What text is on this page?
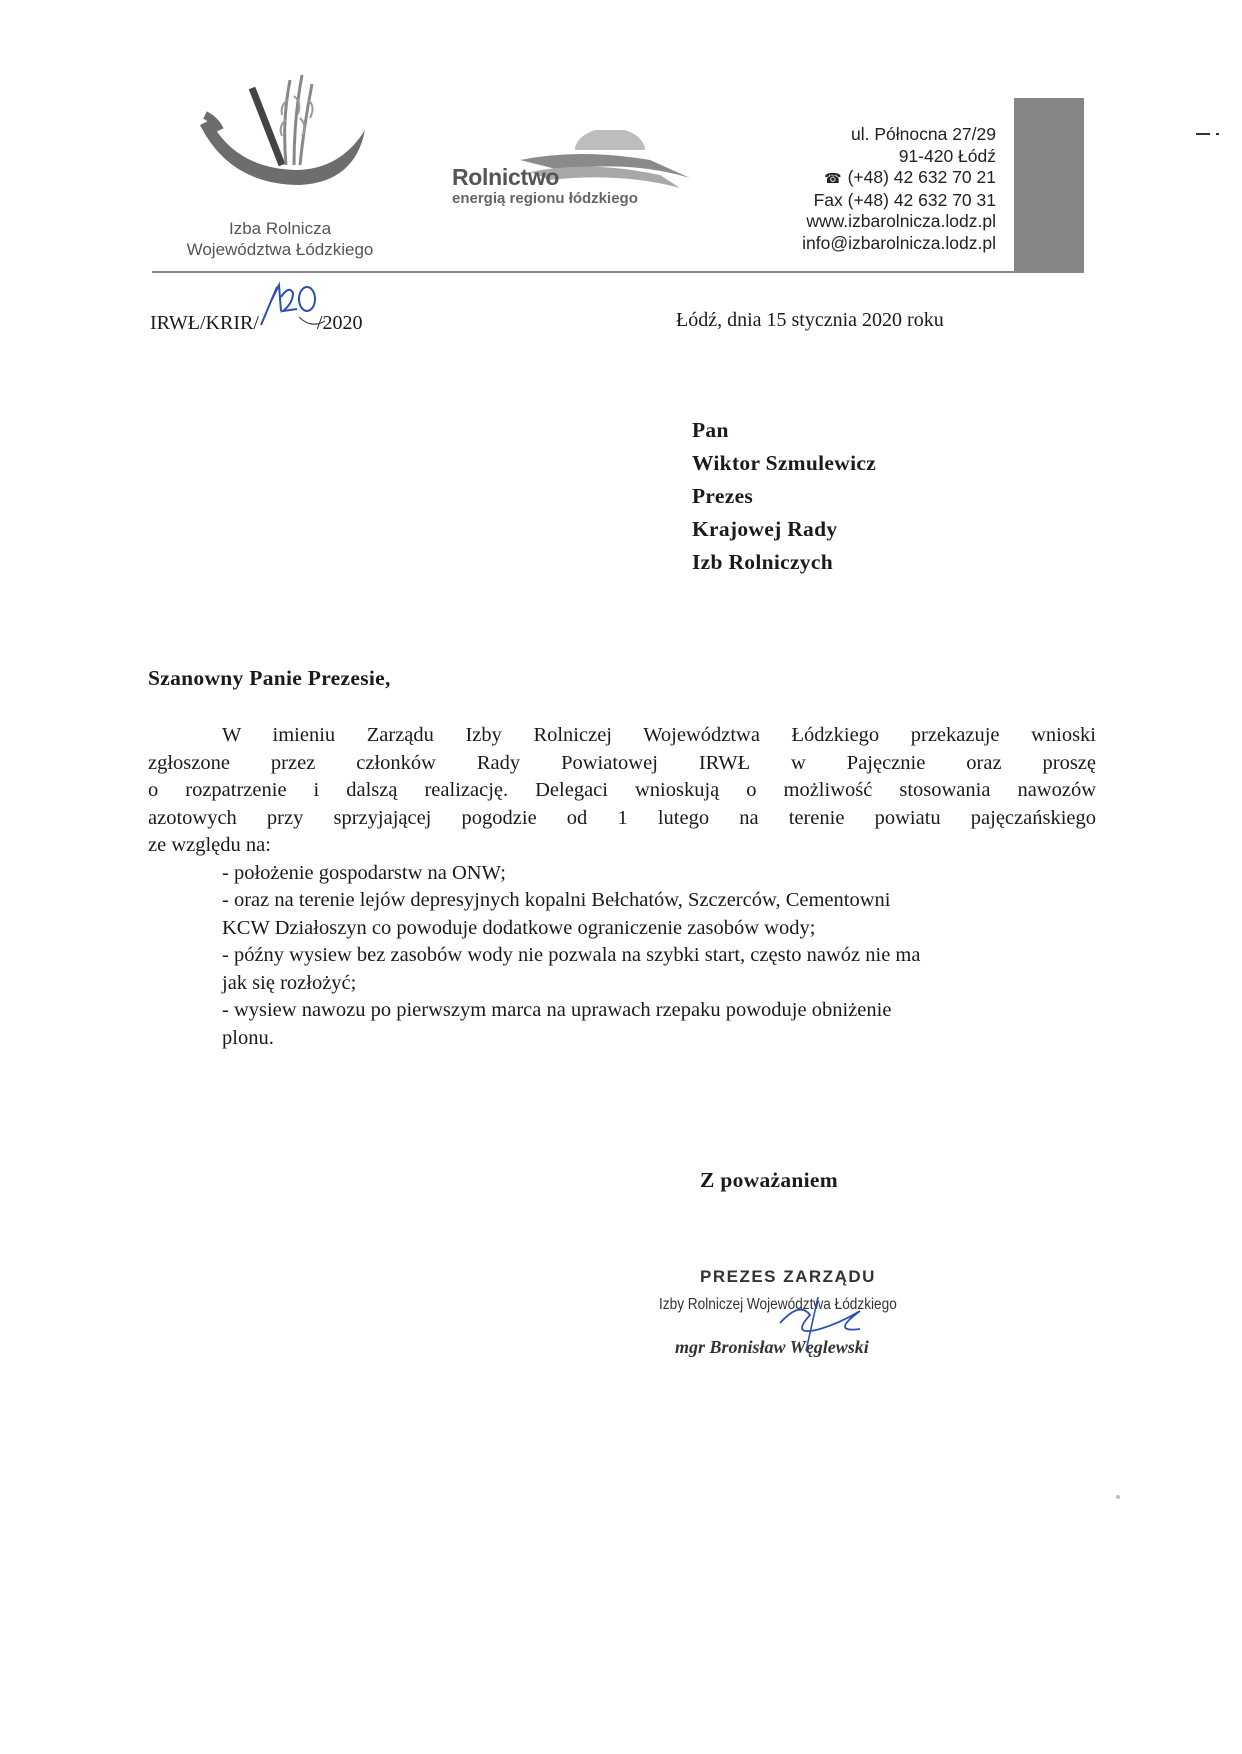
Izba Rolnicza
Województwa Łódzkiego
Rolnictwo
energią regionu łódzkiego
ul. Północna 27/29
91-420 Łódź
☎ (+48) 42 632 70 21
Fax (+48) 42 632 70 31
www.izbarolnicza.lodz.pl
info@izbarolnicza.lodz.pl
IRWŁ/KRIR/	/2020	Łódź, dnia 15 stycznia 2020 roku
Pan
Wiktor Szmulewicz
Prezes
Krajowej Rady
Izb Rolniczych
Szanowny Panie Prezesie,
W imieniu Zarządu Izby Rolniczej Województwa Łódzkiego przekazuje wnioski
zgłoszone przez członków Rady Powiatowej IRWŁ w Pajęcznie oraz proszę
o rozpatrzenie i dalszą realizację. Delegaci wnioskują o możliwość stosowania nawozów
azotowych przy sprzyjającej pogodzie od 1 lutego na terenie powiatu pajęczańskiego
ze względu na:
- położenie gospodarstw na ONW;
- oraz na terenie lejów depresyjnych kopalni Bełchatów, Szczerców, Cementowni
KCW Działoszyn co powoduje dodatkowe ograniczenie zasobów wody;
- późny wysiew bez zasobów wody nie pozwala na szybki start, często nawóz nie ma
jak się rozłożyć;
- wysiew nawozu po pierwszym marca na uprawach rzepaku powoduje obniżenie
plonu.
Z poważaniem
PREZES ZARZĄDU
Izby Rolniczej Województwa Łódzkiego
mgr Bronisław Węglewski
